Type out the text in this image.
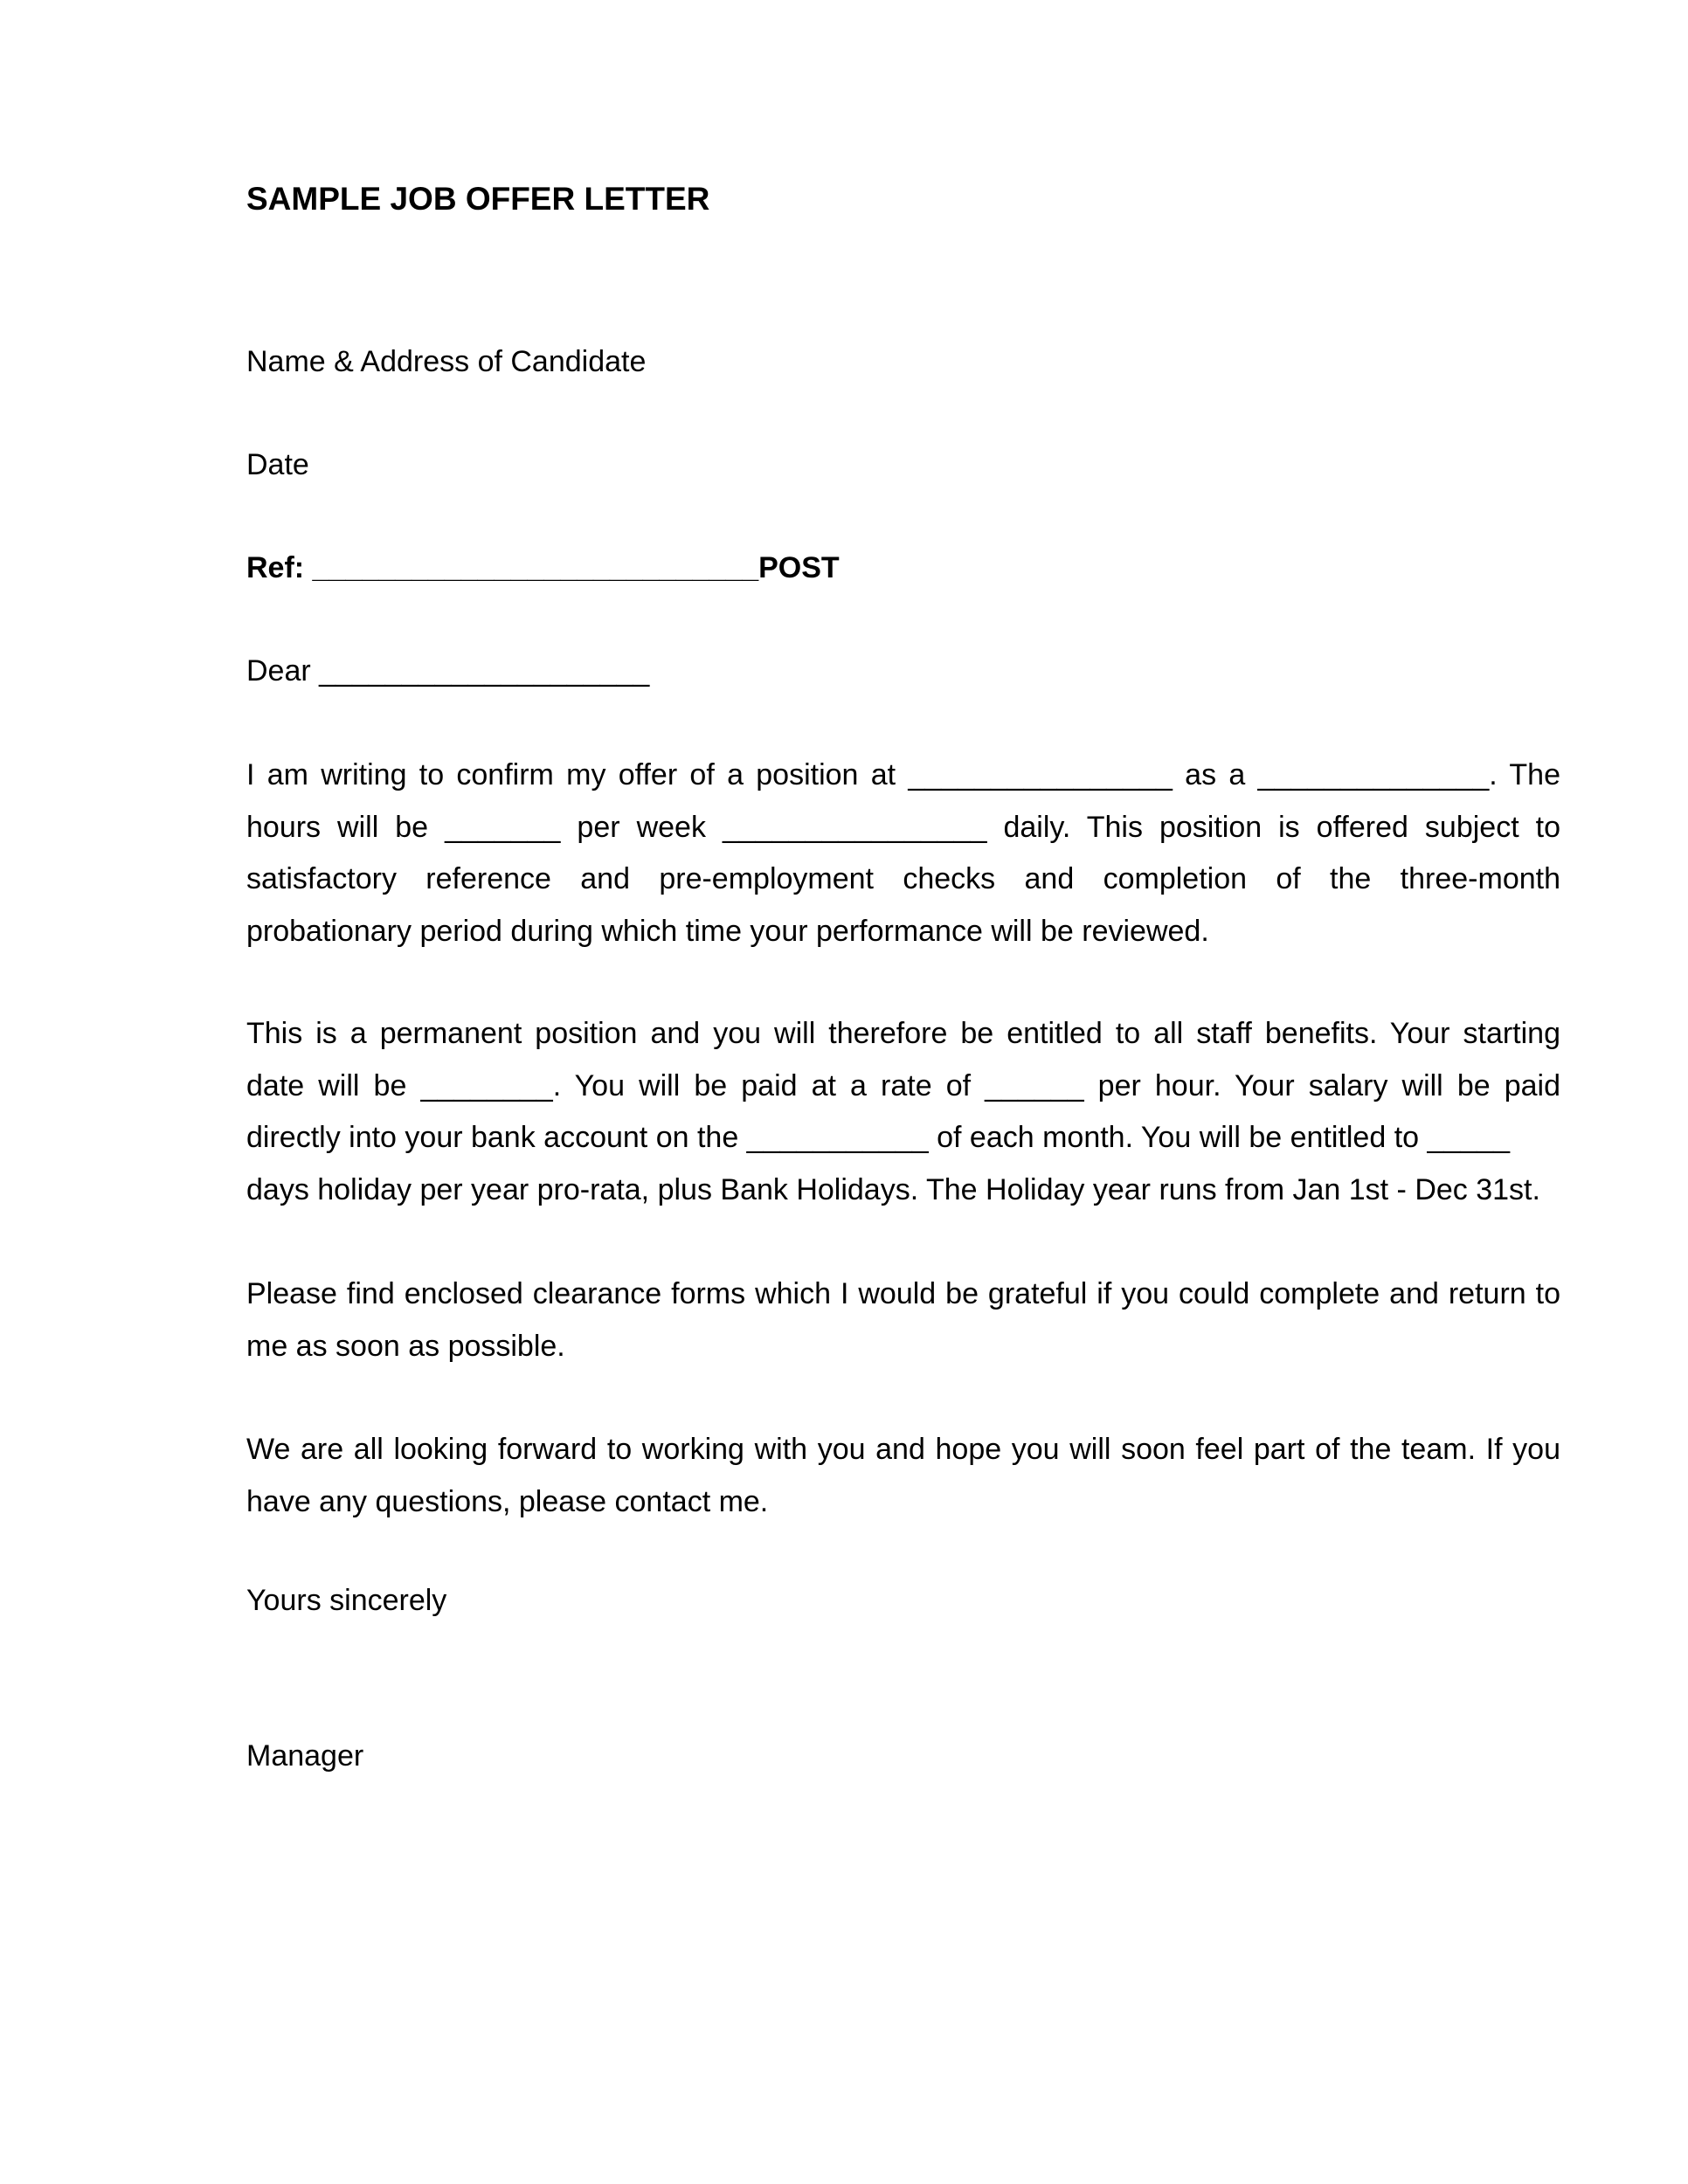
SAMPLE JOB OFFER LETTER
Name & Address of Candidate
Date
Ref: ___________________________POST
Dear ____________________
I am writing to confirm my offer of a position at ________________ as a ______________. The
hours will be _______ per week ________________ daily. This position is offered subject to
satisfactory reference and pre-employment checks and completion of the three-month
probationary period during which time your performance will be reviewed.
This is a permanent position and you will therefore be entitled to all staff benefits. Your starting
date will be ________. You will be paid at a rate of ______ per hour. Your salary will be paid
directly into your bank account on the ___________ of each month. You will be entitled to _____
days holiday per year pro-rata, plus Bank Holidays. The Holiday year runs from Jan 1st - Dec 31st.
Please find enclosed clearance forms which I would be grateful if you could complete and return to
me as soon as possible.
We are all looking forward to working with you and hope you will soon feel part of the team. If you
have any questions, please contact me.
Yours sincerely
Manager
